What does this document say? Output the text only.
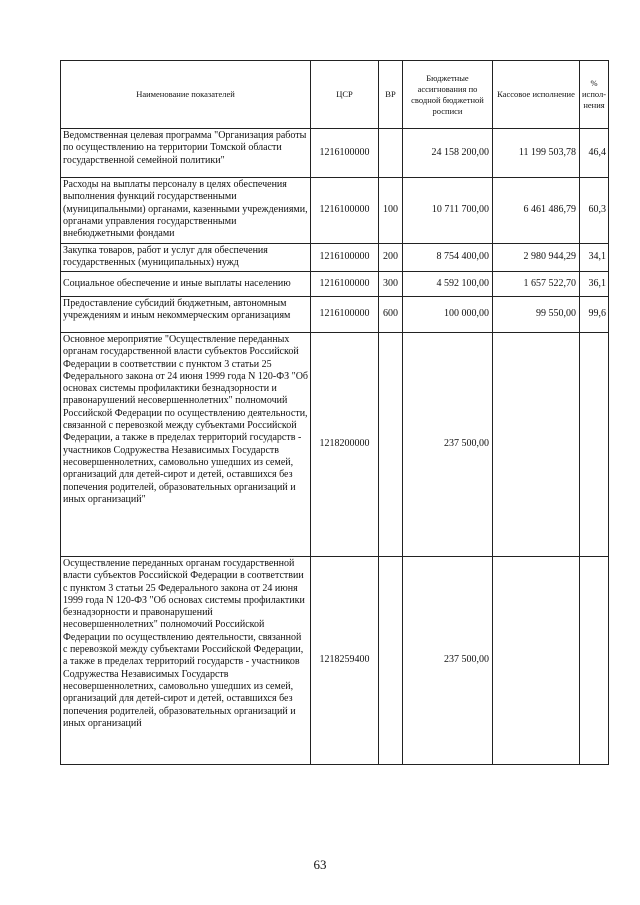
Наименование показателей	ЦСР	ВР	Бюджетные ассигнования по сводной бюджетной росписи	Кассовое исполнение	% испол-нения
Ведомственная целевая программа "Организация работы по осуществлению на территории Томской области государственной семейной политики"	1216100000		24 158 200,00	11 199 503,78	46,4
Расходы на выплаты персоналу в целях обеспечения выполнения функций государственными (муниципальными) органами, казенными учреждениями, органами управления государственными внебюджетными фондами	1216100000	100	10 711 700,00	6 461 486,79	60,3
Закупка товаров, работ и услуг для обеспечения государственных (муниципальных) нужд	1216100000	200	8 754 400,00	2 980 944,29	34,1
Социальное обеспечение и иные выплаты населению	1216100000	300	4 592 100,00	1 657 522,70	36,1
Предоставление субсидий бюджетным, автономным учреждениям и иным некоммерческим организациям	1216100000	600	100 000,00	99 550,00	99,6
Основное мероприятие "Осуществление переданных органам государственной власти субъектов Российской Федерации в соответствии с пунктом 3 статьи 25 Федерального закона от 24 июня 1999 года N 120-ФЗ "Об основах системы профилактики безнадзорности и правонарушений несовершеннолетних" полномочий Российской Федерации по осуществлению деятельности, связанной с перевозкой между субъектами Российской Федерации, а также в пределах территорий государств - участников Содружества Независимых Государств несовершеннолетних, самовольно ушедших из семей, организаций для детей-сирот и детей, оставшихся без попечения родителей, образовательных организаций и иных организаций"	1218200000		237 500,00		
Осуществление переданных органам государственной власти субъектов Российской Федерации в соответствии с пунктом 3 статьи 25 Федерального закона от 24 июня 1999 года N 120-ФЗ "Об основах системы профилактики безнадзорности и правонарушений несовершеннолетних" полномочий Российской Федерации по осуществлению деятельности, связанной с перевозкой между субъектами Российской Федерации, а также в пределах территорий государств - участников Содружества Независимых Государств несовершеннолетних, самовольно ушедших из семей, организаций для детей-сирот и детей, оставшихся без попечения родителей, образовательных организаций и иных организаций	1218259400		237 500,00		
63
